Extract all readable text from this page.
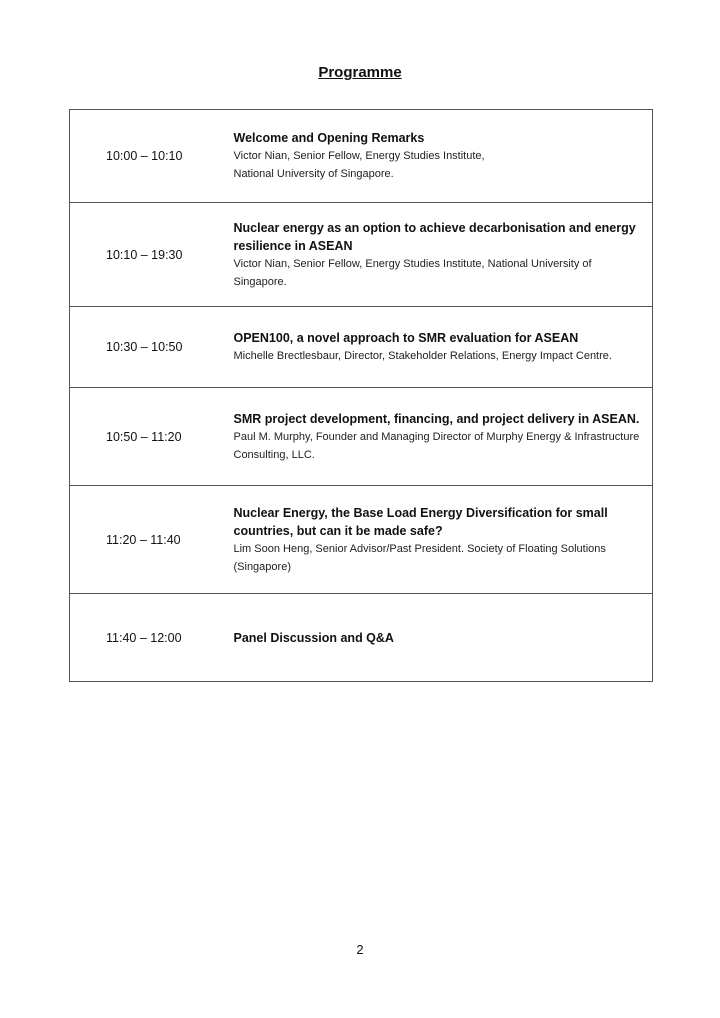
Programme
10:00 – 10:10	Welcome and Opening Remarks
Victor Nian, Senior Fellow, Energy Studies Institute,
National University of Singapore.

10:10 – 19:30	Nuclear energy as an option to achieve decarbonisation and energy resilience in ASEAN
Victor Nian, Senior Fellow, Energy Studies Institute, National University of Singapore.

10:30 – 10:50	OPEN100, a novel approach to SMR evaluation for ASEAN
Michelle Brectlesbaur, Director, Stakeholder Relations, Energy Impact Centre.

10:50 – 11:20	SMR project development, financing, and project delivery in ASEAN.
Paul M. Murphy, Founder and Managing Director of Murphy Energy & Infrastructure Consulting, LLC.

11:20 – 11:40	Nuclear Energy, the Base Load Energy Diversification for small countries, but can it be made safe?
Lim Soon Heng, Senior Advisor/Past President. Society of Floating Solutions (Singapore)

11:40 – 12:00	Panel Discussion and Q&A
2
